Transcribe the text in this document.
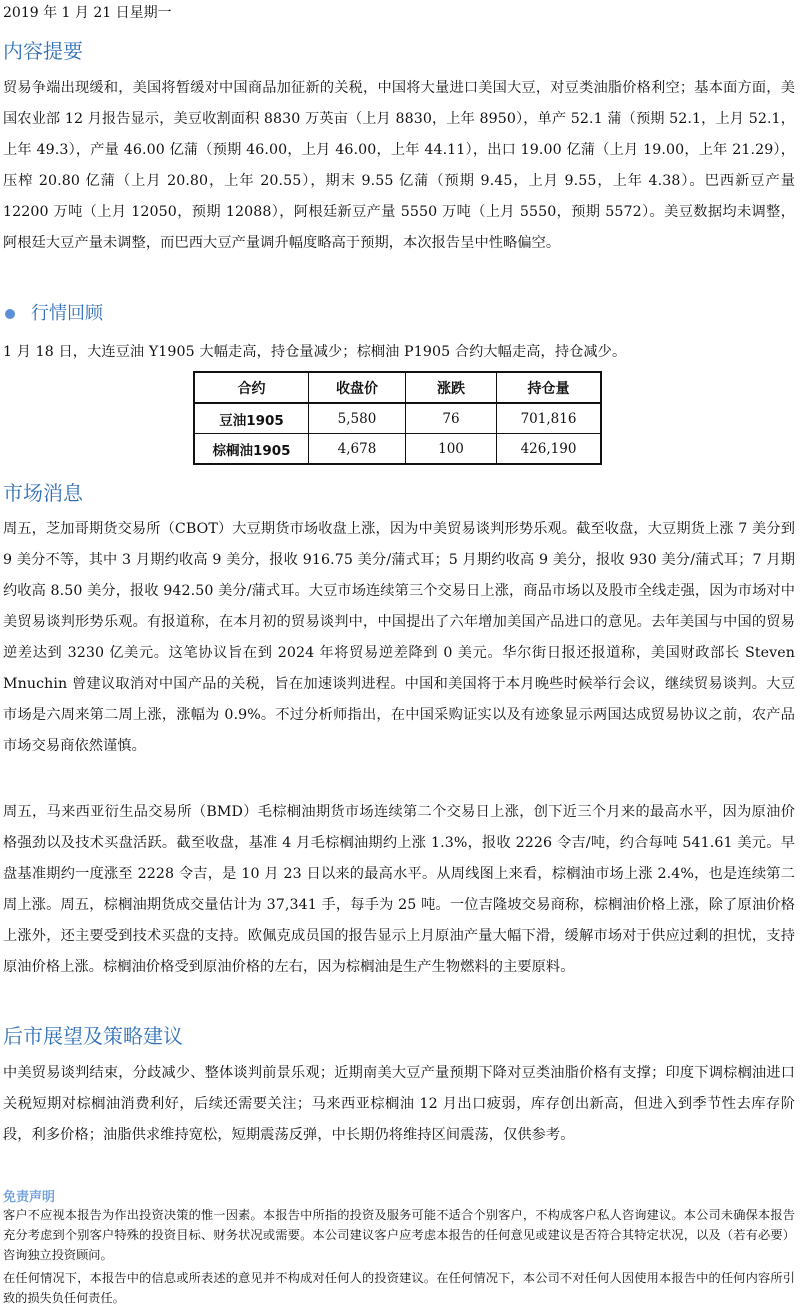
2019 年 1 月 21 日星期一
内容提要
贸易争端出现缓和，美国将暂缓对中国商品加征新的关税，中国将大量进口美国大豆，对豆类油脂价格利空；基本面方面，美国农业部 12 月报告显示，美豆收割面积 8830 万英亩（上月 8830，上年 8950），单产 52.1 蒲（预期 52.1，上月 52.1，上年 49.3），产量 46.00 亿蒲（预期 46.00，上月 46.00，上年 44.11），出口 19.00 亿蒲（上月 19.00，上年 21.29），压榨 20.80 亿蒲（上月 20.80，上年 20.55），期末 9.55 亿蒲（预期 9.45，上月 9.55，上年 4.38）。巴西新豆产量 12200 万吨（上月 12050，预期 12088），阿根廷新豆产量 5550 万吨（上月 5550，预期 5572）。美豆数据均未调整，阿根廷大豆产量未调整，而巴西大豆产量调升幅度略高于预期，本次报告呈中性略偏空。
行情回顾
1 月 18 日，大连豆油 Y1905 大幅走高，持仓量减少；棕榈油 P1905 合约大幅走高，持仓减少。
合约	收盘价	涨跌	持仓量
豆油1905	5,580	76	701,816
棕榈油1905	4,678	100	426,190
市场消息
周五，芝加哥期货交易所（CBOT）大豆期货市场收盘上涨，因为中美贸易谈判形势乐观。截至收盘，大豆期货上涨 7 美分到 9 美分不等，其中 3 月期约收高 9 美分，报收 916.75 美分/蒲式耳；5 月期约收高 9 美分，报收 930 美分/蒲式耳；7 月期约收高 8.50 美分，报收 942.50 美分/蒲式耳。大豆市场连续第三个交易日上涨，商品市场以及股市全线走强，因为市场对中美贸易谈判形势乐观。有报道称，在本月初的贸易谈判中，中国提出了六年增加美国产品进口的意见。去年美国与中国的贸易逆差达到 3230 亿美元。这笔协议旨在到 2024 年将贸易逆差降到 0 美元。华尔街日报还报道称，美国财政部长 Steven Mnuchin 曾建议取消对中国产品的关税，旨在加速谈判进程。中国和美国将于本月晚些时候举行会议，继续贸易谈判。大豆市场是六周来第二周上涨，涨幅为 0.9%。不过分析师指出，在中国采购证实以及有迹象显示两国达成贸易协议之前，农产品市场交易商依然谨慎。
周五，马来西亚衍生品交易所（BMD）毛棕榈油期货市场连续第二个交易日上涨，创下近三个月来的最高水平，因为原油价格强劲以及技术买盘活跃。截至收盘，基准 4 月毛棕榈油期约上涨 1.3%，报收 2226 令吉/吨，约合每吨 541.61 美元。早盘基准期约一度涨至 2228 令吉，是 10 月 23 日以来的最高水平。从周线图上来看，棕榈油市场上涨 2.4%，也是连续第二周上涨。周五，棕榈油期货成交量估计为 37,341 手，每手为 25 吨。一位吉隆坡交易商称，棕榈油价格上涨，除了原油价格上涨外，还主要受到技术买盘的支持。欧佩克成员国的报告显示上月原油产量大幅下滑，缓解市场对于供应过剩的担忧，支持原油价格上涨。棕榈油价格受到原油价格的左右，因为棕榈油是生产生物燃料的主要原料。
后市展望及策略建议
中美贸易谈判结束，分歧减少、整体谈判前景乐观；近期南美大豆产量预期下降对豆类油脂价格有支撑；印度下调棕榈油进口关税短期对棕榈油消费利好，后续还需要关注；马来西亚棕榈油 12 月出口疲弱，库存创出新高，但进入到季节性去库存阶段，利多价格；油脂供求维持宽松，短期震荡反弹，中长期仍将维持区间震荡，仅供参考。
免责声明
客户不应视本报告为作出投资决策的惟一因素。本报告中所指的投资及服务可能不适合个别客户，不构成客户私人咨询建议。本公司未确保本报告充分考虑到个别客户特殊的投资目标、财务状况或需要。本公司建议客户应考虑本报告的任何意见或建议是否符合其特定状况，以及（若有必要）咨询独立投资顾问。
在任何情况下，本报告中的信息或所表述的意见并不构成对任何人的投资建议。在任何情况下，本公司不对任何人因使用本报告中的任何内容所引致的损失负任何责任。
